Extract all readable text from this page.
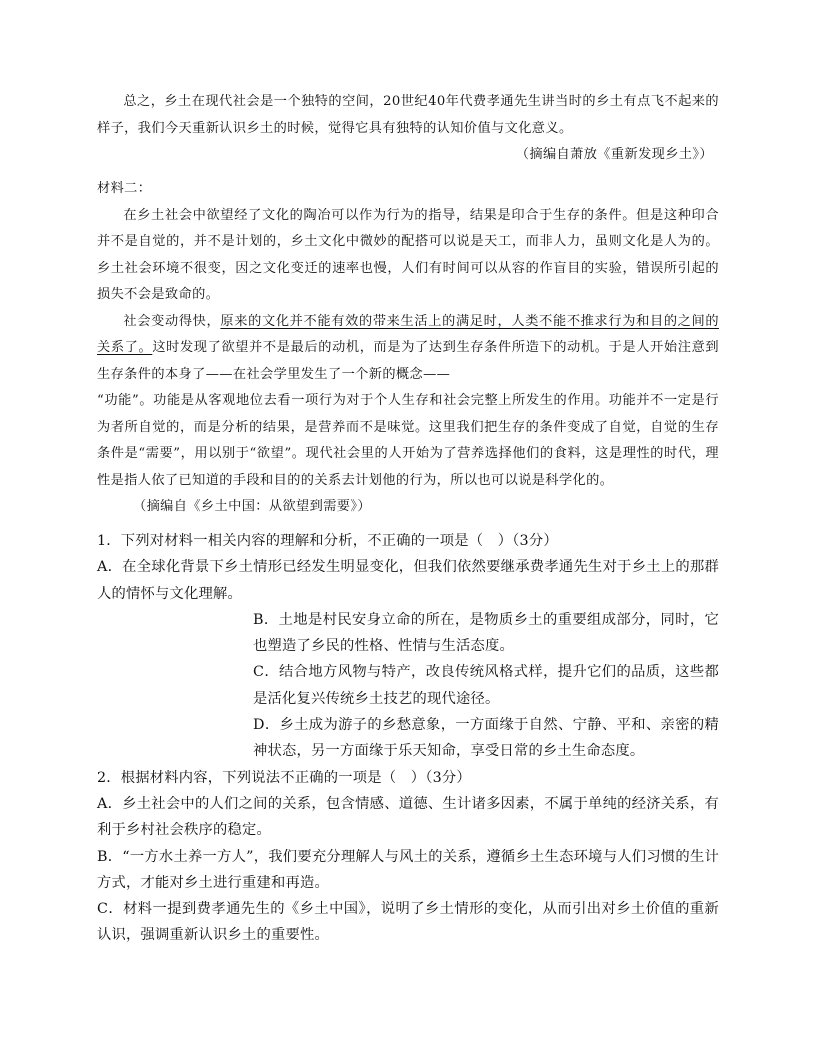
总之，乡土在现代社会是一个独特的空间，20世纪40年代费孝通先生讲当时的乡土有点飞不起来的样子，我们今天重新认识乡土的时候，觉得它具有独特的认知价值与文化意义。

（摘编自萧放《重新发现乡土》）

材料二：

在乡土社会中欲望经了文化的陶冶可以作为行为的指导，结果是印合于生存的条件。但是这种印合并不是自觉的，并不是计划的，乡土文化中微妙的配搭可以说是天工，而非人力，虽则文化是人为的。乡土社会环境不很变，因之文化变迁的速率也慢，人们有时间可以从容的作盲目的实验，错误所引起的损失不会是致命的。

社会变动得快，原来的文化并不能有效的带来生活上的满足时，人类不能不推求行为和目的之间的关系了。这时发现了欲望并不是最后的动机，而是为了达到生存条件所造下的动机。于是人开始注意到生存条件的本身了——在社会学里发生了一个新的概念——

“功能”。功能是从客观地位去看一项行为对于个人生存和社会完整上所发生的作用。功能并不一定是行为者所自觉的，而是分析的结果，是营养而不是味觉。这里我们把生存的条件变成了自觉，自觉的生存条件是“需要”，用以别于“欲望”。现代社会里的人开始为了营养选择他们的食料，这是理性的时代，理性是指人依了已知道的手段和目的的关系去计划他的行为，所以也可以说是科学化的。

（摘编自《乡土中国：从欲望到需要》）

1．下列对材料一相关内容的理解和分析，不正确的一项是（　）（3分）

A．在全球化背景下乡土情形已经发生明显变化，但我们依然要继承费孝通先生对于乡土上的那群人的情怀与文化理解。

B．土地是村民安身立命的所在，是物质乡土的重要组成部分，同时，它也塑造了乡民的性格、性情与生活态度。

C．结合地方风物与特产，改良传统风格式样，提升它们的品质，这些都是活化复兴传统乡土技艺的现代途径。

D．乡土成为游子的乡愁意象，一方面缘于自然、宁静、平和、亲密的精神状态，另一方面缘于乐天知命，享受日常的乡土生命态度。

2．根据材料内容，下列说法不正确的一项是（　）（3分）

A．乡土社会中的人们之间的关系，包含情感、道德、生计诸多因素，不属于单纯的经济关系，有利于乡村社会秩序的稳定。

B．“一方水土养一方人”，我们要充分理解人与风土的关系，遵循乡土生态环境与人们习惯的生计方式，才能对乡土进行重建和再造。

C．材料一提到费孝通先生的《乡土中国》，说明了乡土情形的变化，从而引出对乡土价值的重新认识，强调重新认识乡土的重要性。
